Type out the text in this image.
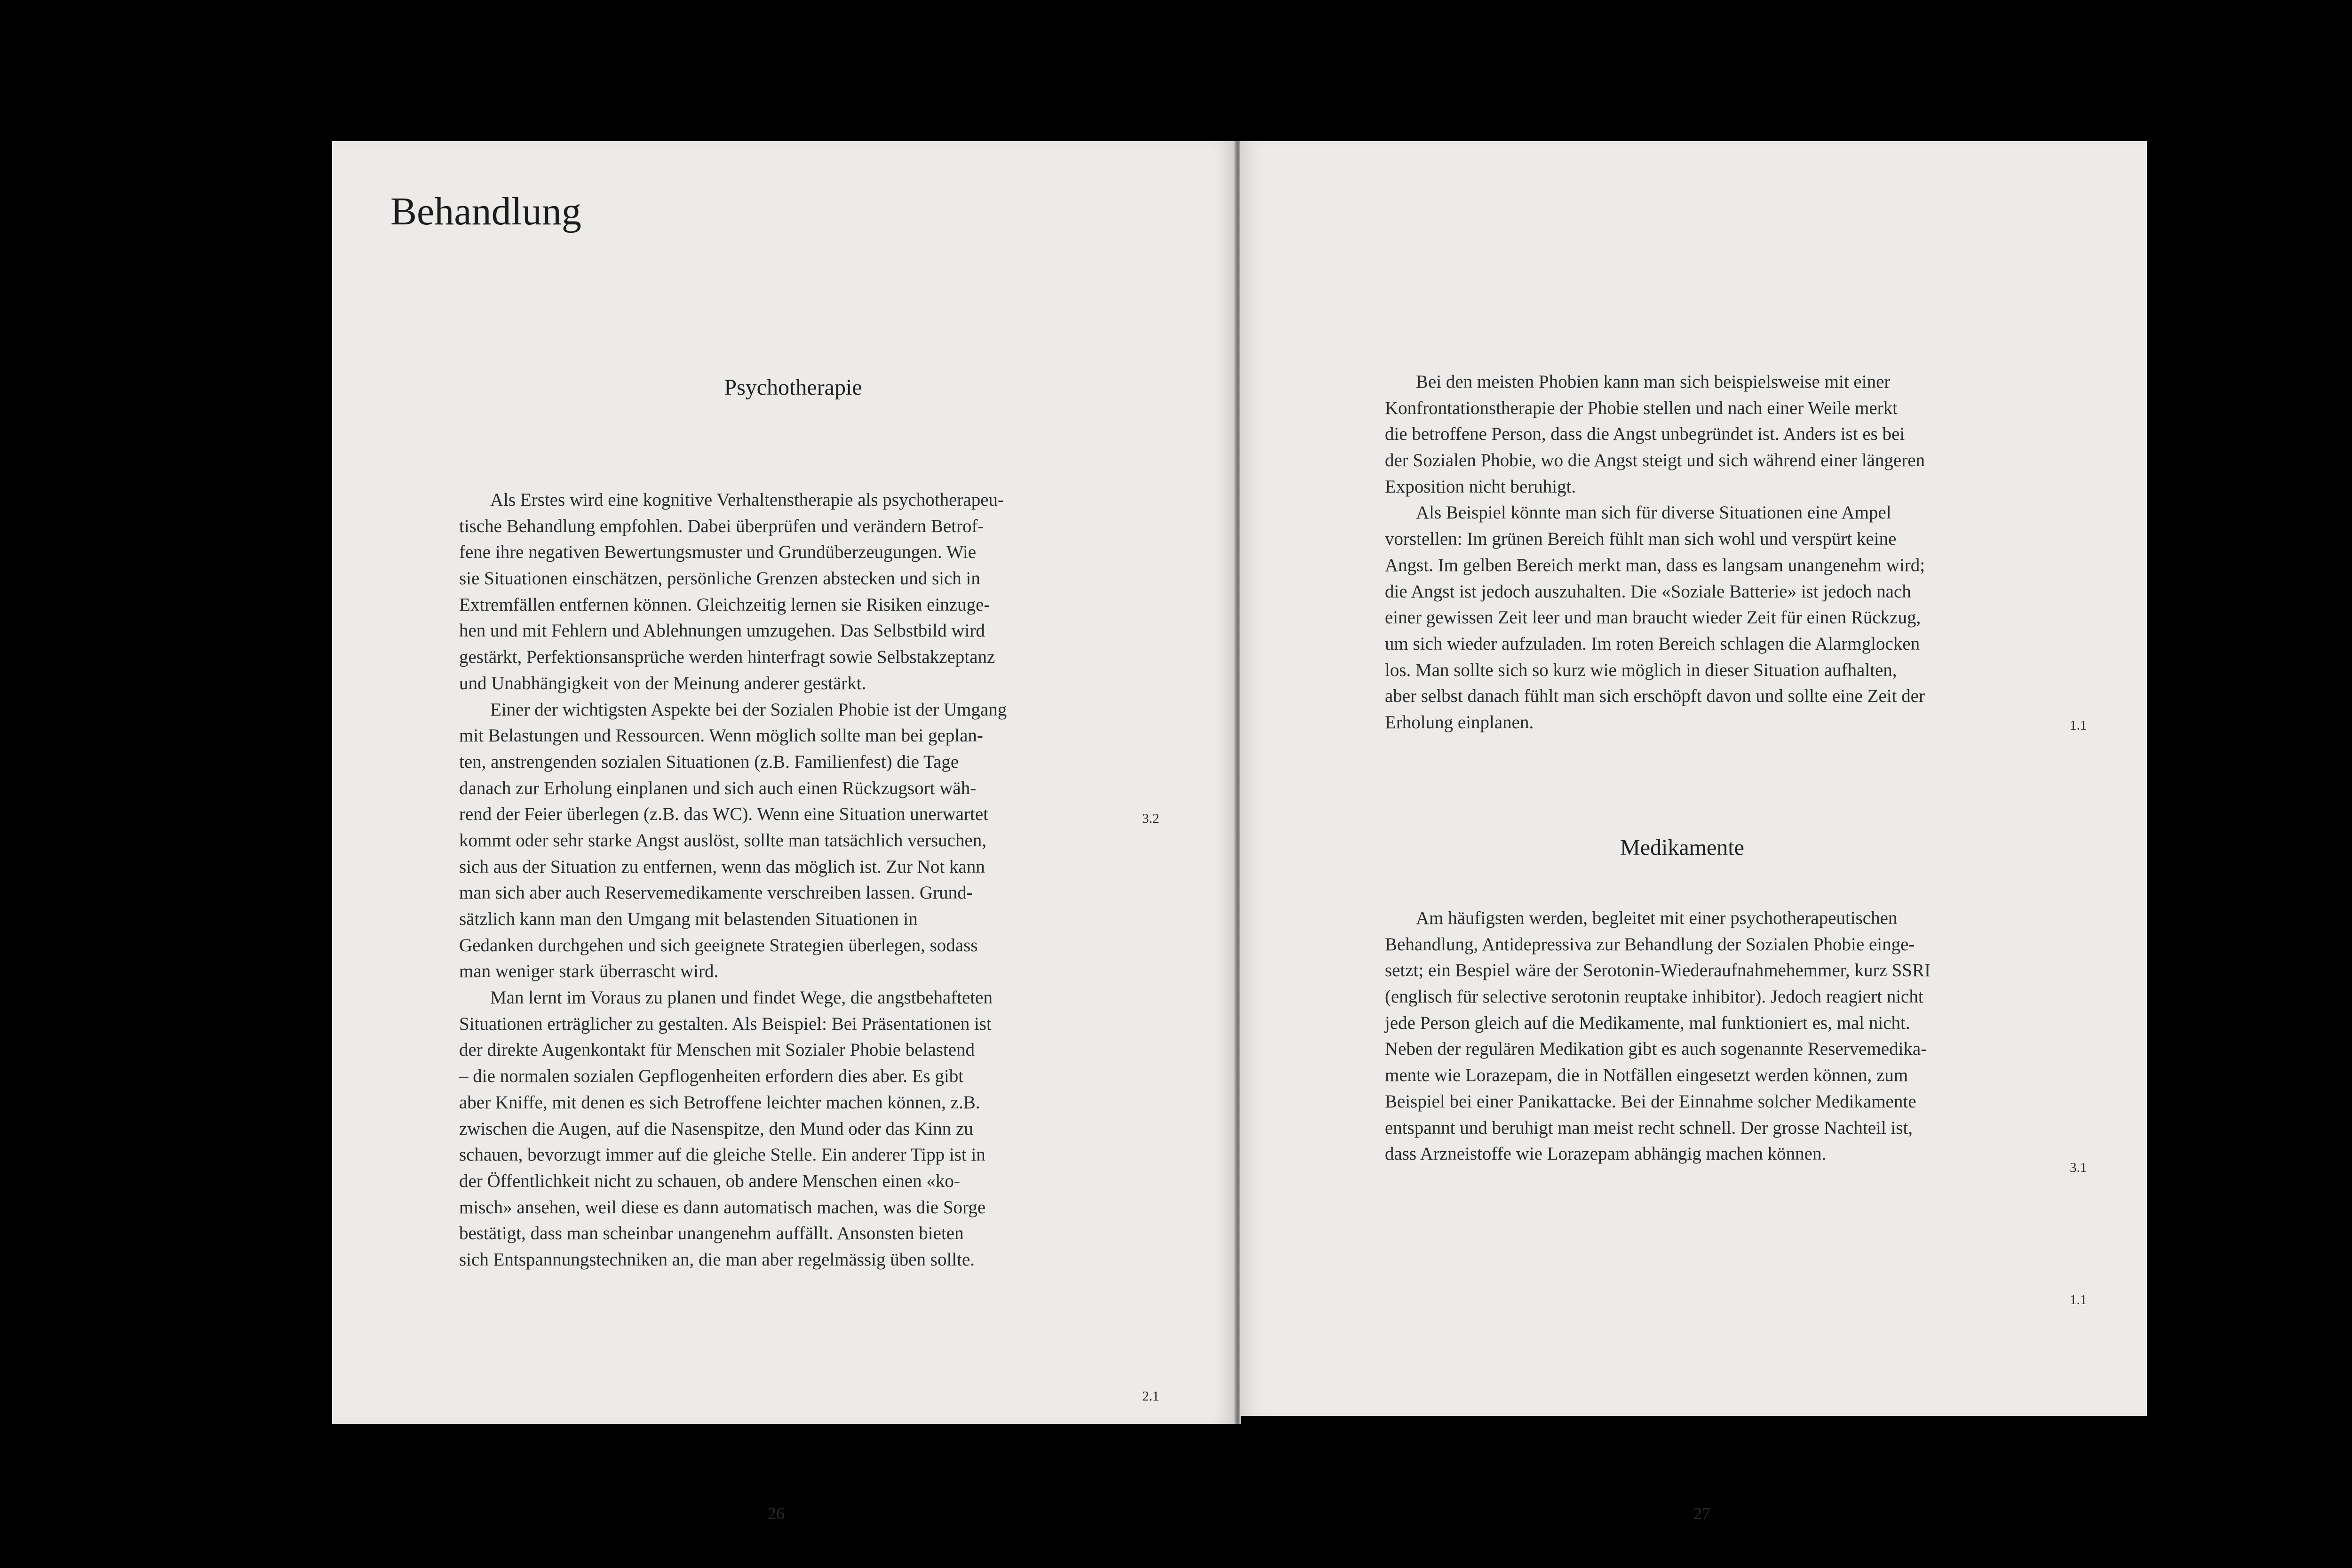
Behandlung
Psychotherapie
Als Erstes wird eine kognitive Verhaltenstherapie als psychotherapeu-
tische Behandlung empfohlen. Dabei überprüfen und verändern Betrof-
fene ihre negativen Bewertungsmuster und Grundüberzeugungen. Wie
sie Situationen einschätzen, persönliche Grenzen abstecken und sich in
Extremfällen entfernen können. Gleichzeitig lernen sie Risiken einzuge-
hen und mit Fehlern und Ablehnungen umzugehen. Das Selbstbild wird
gestärkt, Perfektionsansprüche werden hinterfragt sowie Selbstakzeptanz
und Unabhängigkeit von der Meinung anderer gestärkt.
Einer der wichtigsten Aspekte bei der Sozialen Phobie ist der Umgang
mit Belastungen und Ressourcen. Wenn möglich sollte man bei geplan-
ten, anstrengenden sozialen Situationen (z.B. Familienfest) die Tage
danach zur Erholung einplanen und sich auch einen Rückzugsort wäh-
rend der Feier überlegen (z.B. das WC). Wenn eine Situation unerwartet
kommt oder sehr starke Angst auslöst, sollte man tatsächlich versuchen,
sich aus der Situation zu entfernen, wenn das möglich ist. Zur Not kann
man sich aber auch Reservemedikamente verschreiben lassen. Grund-
sätzlich kann man den Umgang mit belastenden Situationen in
Gedanken durchgehen und sich geeignete Strategien überlegen, sodass
man weniger stark überrascht wird.
Man lernt im Voraus zu planen und findet Wege, die angstbehafteten
Situationen erträglicher zu gestalten. Als Beispiel: Bei Präsentationen ist
der direkte Augenkontakt für Menschen mit Sozialer Phobie belastend
– die normalen sozialen Gepflogenheiten erfordern dies aber. Es gibt
aber Kniffe, mit denen es sich Betroffene leichter machen können, z.B.
zwischen die Augen, auf die Nasenspitze, den Mund oder das Kinn zu
schauen, bevorzugt immer auf die gleiche Stelle. Ein anderer Tipp ist in
der Öffentlichkeit nicht zu schauen, ob andere Menschen einen «ko-
misch» ansehen, weil diese es dann automatisch machen, was die Sorge
bestätigt, dass man scheinbar unangenehm auffällt. Ansonsten bieten
sich Entspannungstechniken an, die man aber regelmässig üben sollte.
3.2
2.1
26
Bei den meisten Phobien kann man sich beispielsweise mit einer
Konfrontationstherapie der Phobie stellen und nach einer Weile merkt
die betroffene Person, dass die Angst unbegründet ist. Anders ist es bei
der Sozialen Phobie, wo die Angst steigt und sich während einer längeren
Exposition nicht beruhigt.
Als Beispiel könnte man sich für diverse Situationen eine Ampel
vorstellen: Im grünen Bereich fühlt man sich wohl und verspürt keine
Angst. Im gelben Bereich merkt man, dass es langsam unangenehm wird;
die Angst ist jedoch auszuhalten. Die «Soziale Batterie» ist jedoch nach
einer gewissen Zeit leer und man braucht wieder Zeit für einen Rückzug,
um sich wieder aufzuladen. Im roten Bereich schlagen die Alarmglocken
los. Man sollte sich so kurz wie möglich in dieser Situation aufhalten,
aber selbst danach fühlt man sich erschöpft davon und sollte eine Zeit der
Erholung einplanen.	1.1
Medikamente
Am häufigsten werden, begleitet mit einer psychotherapeutischen
Behandlung, Antidepressiva zur Behandlung der Sozialen Phobie einge-
setzt; ein Bespiel wäre der Serotonin-Wiederaufnahmehemmer, kurz SSRI
(englisch für selective serotonin reuptake inhibitor). Jedoch reagiert nicht
jede Person gleich auf die Medikamente, mal funktioniert es, mal nicht.
Neben der regulären Medikation gibt es auch sogenannte Reservemedika-
mente wie Lorazepam, die in Notfällen eingesetzt werden können, zum
Beispiel bei einer Panikattacke. Bei der Einnahme solcher Medikamente
entspannt und beruhigt man meist recht schnell. Der grosse Nachteil ist,
dass Arzneistoffe wie Lorazepam abhängig machen können.
3.1
1.1
27
